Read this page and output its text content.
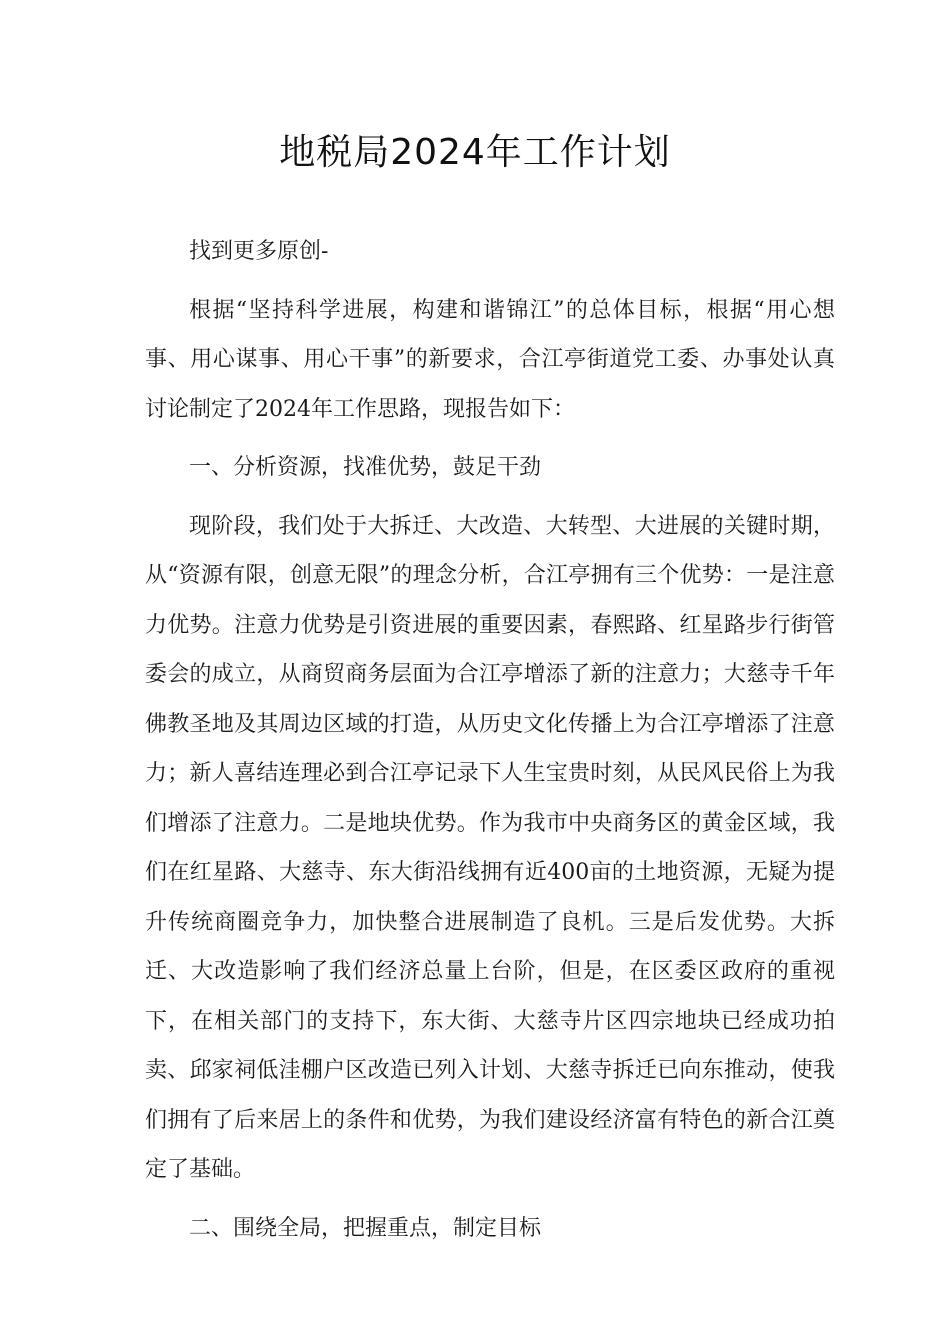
地税局2024年工作计划

找到更多原创-

根据“坚持科学进展，构建和谐锦江”的总体目标，根据“用心想事、用心谋事、用心干事”的新要求，合江亭街道党工委、办事处认真讨论制定了2024年工作思路，现报告如下：

一、分析资源，找准优势，鼓足干劲

现阶段，我们处于大拆迁、大改造、大转型、大进展的关键时期，从“资源有限，创意无限”的理念分析，合江亭拥有三个优势：一是注意力优势。注意力优势是引资进展的重要因素，春熙路、红星路步行街管委会的成立，从商贸商务层面为合江亭增添了新的注意力；大慈寺千年佛教圣地及其周边区域的打造，从历史文化传播上为合江亭增添了注意力；新人喜结连理必到合江亭记录下人生宝贵时刻，从民风民俗上为我们增添了注意力。二是地块优势。作为我市中央商务区的黄金区域，我们在红星路、大慈寺、东大街沿线拥有近400亩的土地资源，无疑为提升传统商圈竞争力，加快整合进展制造了良机。三是后发优势。大拆迁、大改造影响了我们经济总量上台阶，但是，在区委区政府的重视下，在相关部门的支持下，东大街、大慈寺片区四宗地块已经成功拍卖、邱家祠低洼棚户区改造已列入计划、大慈寺拆迁已向东推动，使我们拥有了后来居上的条件和优势，为我们建设经济富有特色的新合江奠定了基础。

二、围绕全局，把握重点，制定目标
